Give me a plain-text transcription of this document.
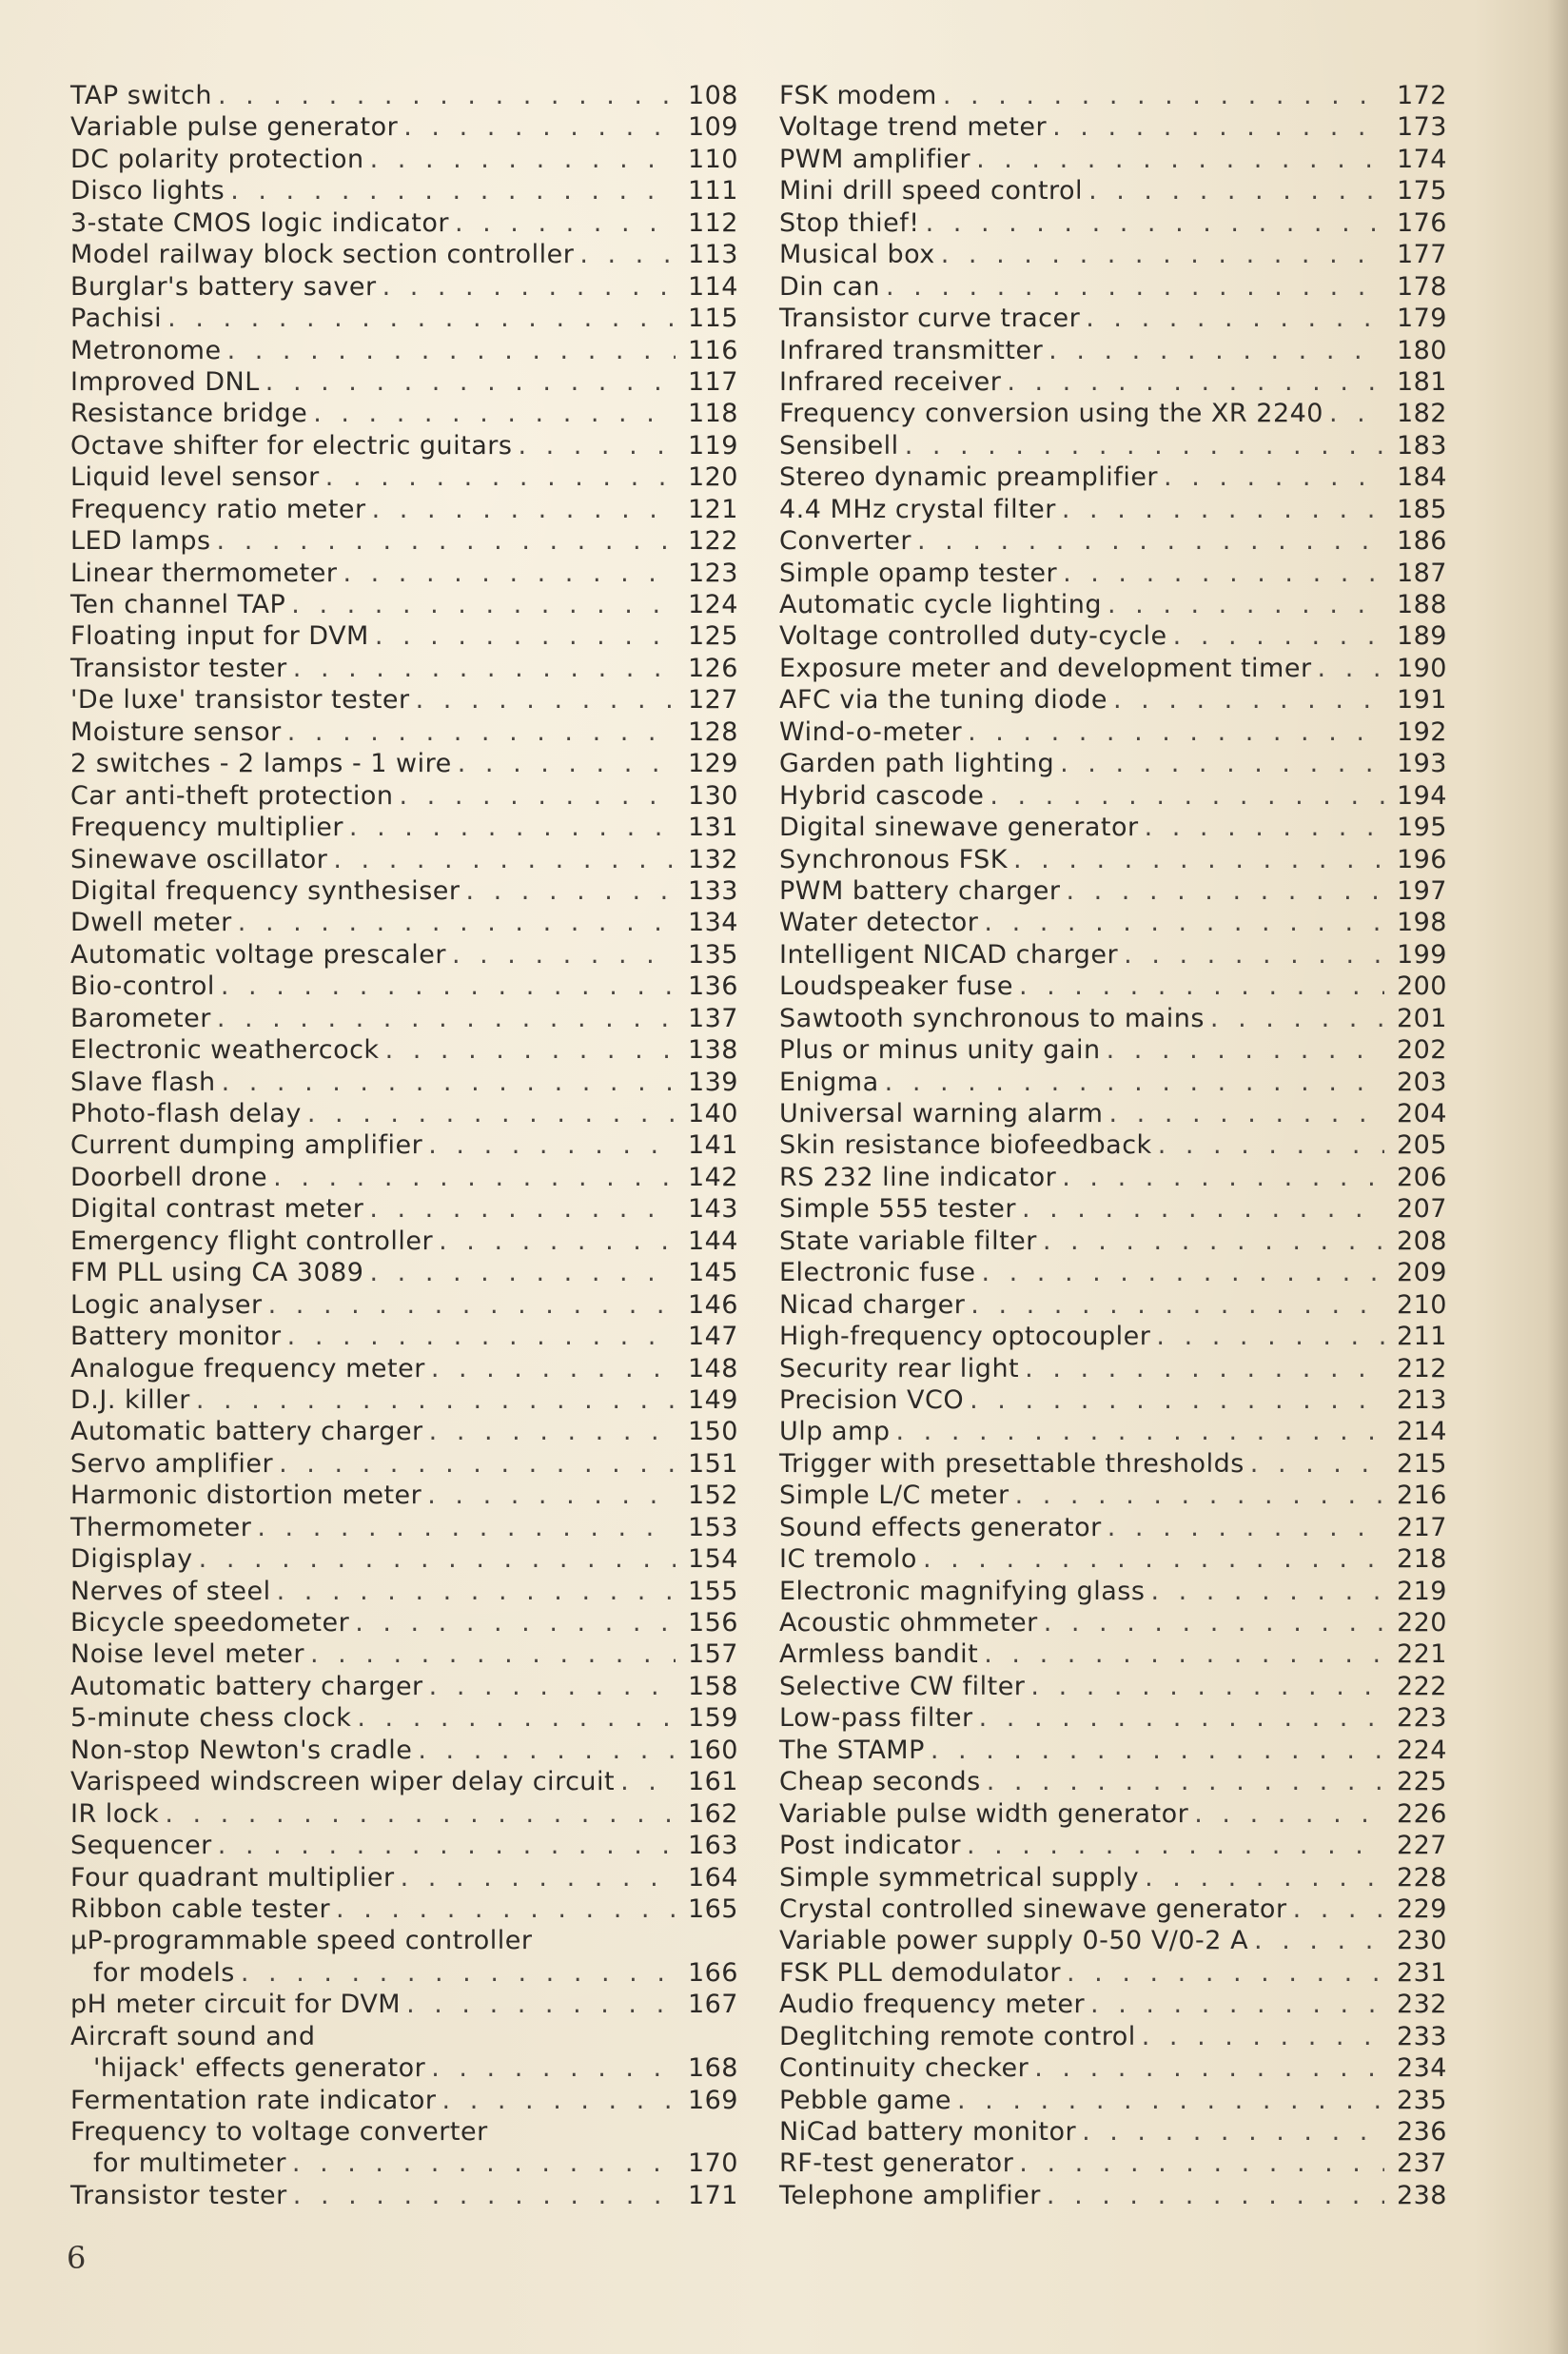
TAP switch . . .	108
Variable pulse generator . . .	109
DC polarity protection . . .	110
Disco lights . . .	111
3-state CMOS logic indicator . . .	112
Model railway block section controller . . .	113
Burglar's battery saver . . .	114
Pachisi . . .	115
Metronome . . .	116
Improved DNL . . .	117
Resistance bridge . . .	118
Octave shifter for electric guitars . . .	119
Liquid level sensor . . .	120
Frequency ratio meter . . .	121
LED lamps . . .	122
Linear thermometer . . .	123
Ten channel TAP . . .	124
Floating input for DVM . . .	125
Transistor tester . . .	126
'De luxe' transistor tester . . .	127
Moisture sensor . . .	128
2 switches - 2 lamps - 1 wire . . .	129
Car anti-theft protection . . .	130
Frequency multiplier . . .	131
Sinewave oscillator . . .	132
Digital frequency synthesiser . . .	133
Dwell meter . . .	134
Automatic voltage prescaler . . .	135
Bio-control . . .	136
Barometer . . .	137
Electronic weathercock . . .	138
Slave flash . . .	139
Photo-flash delay . . .	140
Current dumping amplifier . . .	141
Doorbell drone . . .	142
Digital contrast meter . . .	143
Emergency flight controller . . .	144
FM PLL using CA 3089 . . .	145
Logic analyser . . .	146
Battery monitor . . .	147
Analogue frequency meter . . .	148
D.J. killer . . .	149
Automatic battery charger . . .	150
Servo amplifier . . .	151
Harmonic distortion meter . . .	152
Thermometer . . .	153
Digisplay . . .	154
Nerves of steel . . .	155
Bicycle speedometer . . .	156
Noise level meter . . .	157
Automatic battery charger . . .	158
5-minute chess clock . . .	159
Non-stop Newton's cradle . . .	160
Varispeed windscreen wiper delay circuit . . .	161
IR lock . . .	162
Sequencer . . .	163
Four quadrant multiplier . . .	164
Ribbon cable tester . . .	165
µP-programmable speed controller
for models . . .	166
pH meter circuit for DVM . . .	167
Aircraft sound and
'hijack' effects generator . . .	168
Fermentation rate indicator . . .	169
Frequency to voltage converter
for multimeter . . .	170
Transistor tester . . .	171
FSK modem . . .	172
Voltage trend meter . . .	173
PWM amplifier . . .	174
Mini drill speed control . . .	175
Stop thief! . . .	176
Musical box . . .	177
Din can . . .	178
Transistor curve tracer . . .	179
Infrared transmitter . . .	180
Infrared receiver . . .	181
Frequency conversion using the XR 2240 . . .	182
Sensibell . . .	183
Stereo dynamic preamplifier . . .	184
4.4 MHz crystal filter . . .	185
Converter . . .	186
Simple opamp tester . . .	187
Automatic cycle lighting . . .	188
Voltage controlled duty-cycle . . .	189
Exposure meter and development timer . . .	190
AFC via the tuning diode . . .	191
Wind-o-meter . . .	192
Garden path lighting . . .	193
Hybrid cascode . . .	194
Digital sinewave generator . . .	195
Synchronous FSK . . .	196
PWM battery charger . . .	197
Water detector . . .	198
Intelligent NICAD charger . . .	199
Loudspeaker fuse . . .	200
Sawtooth synchronous to mains . . .	201
Plus or minus unity gain . . .	202
Enigma . . .	203
Universal warning alarm . . .	204
Skin resistance biofeedback . . .	205
RS 232 line indicator . . .	206
Simple 555 tester . . .	207
State variable filter . . .	208
Electronic fuse . . .	209
Nicad charger . . .	210
High-frequency optocoupler . . .	211
Security rear light . . .	212
Precision VCO . . .	213
Ulp amp . . .	214
Trigger with presettable thresholds . . .	215
Simple L/C meter . . .	216
Sound effects generator . . .	217
IC tremolo . . .	218
Electronic magnifying glass . . .	219
Acoustic ohmmeter . . .	220
Armless bandit . . .	221
Selective CW filter . . .	222
Low-pass filter . . .	223
The STAMP . . .	224
Cheap seconds . . .	225
Variable pulse width generator . . .	226
Post indicator . . .	227
Simple symmetrical supply . . .	228
Crystal controlled sinewave generator . . .	229
Variable power supply 0-50 V/0-2 A . . .	230
FSK PLL demodulator . . .	231
Audio frequency meter . . .	232
Deglitching remote control . . .	233
Continuity checker . . .	234
Pebble game . . .	235
NiCad battery monitor . . .	236
RF-test generator . . .	237
Telephone amplifier . . .	238
6
